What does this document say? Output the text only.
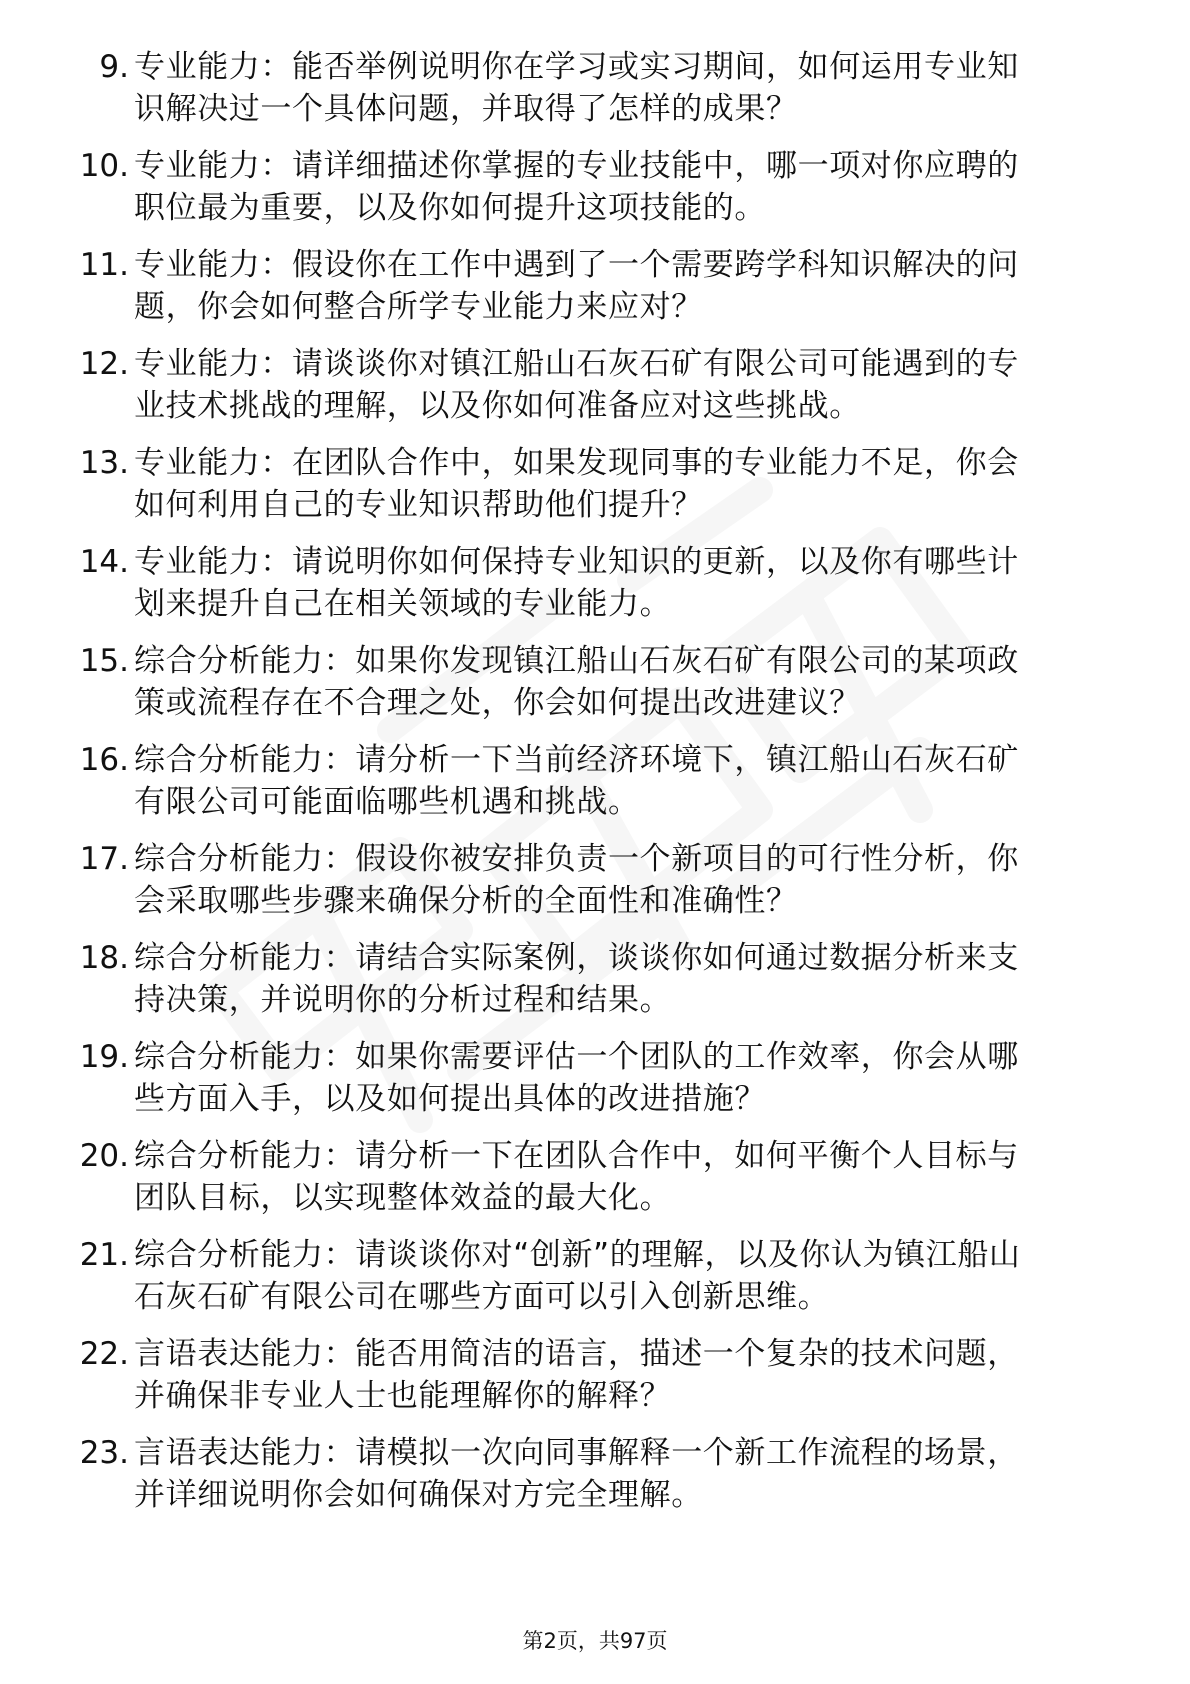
9. 专业能力：能否举例说明你在学习或实习期间，如何运用专业知
识解决过一个具体问题，并取得了怎样的成果？
10. 专业能力：请详细描述你掌握的专业技能中，哪一项对你应聘的
职位最为重要，以及你如何提升这项技能的。
11. 专业能力：假设你在工作中遇到了一个需要跨学科知识解决的问
题，你会如何整合所学专业能力来应对？
12. 专业能力：请谈谈你对镇江船山石灰石矿有限公司可能遇到的专
业技术挑战的理解，以及你如何准备应对这些挑战。
13. 专业能力：在团队合作中，如果发现同事的专业能力不足，你会
如何利用自己的专业知识帮助他们提升？
14. 专业能力：请说明你如何保持专业知识的更新，以及你有哪些计
划来提升自己在相关领域的专业能力。
15. 综合分析能力：如果你发现镇江船山石灰石矿有限公司的某项政
策或流程存在不合理之处，你会如何提出改进建议？
16. 综合分析能力：请分析一下当前经济环境下，镇江船山石灰石矿
有限公司可能面临哪些机遇和挑战。
17. 综合分析能力：假设你被安排负责一个新项目的可行性分析，你
会采取哪些步骤来确保分析的全面性和准确性？
18. 综合分析能力：请结合实际案例，谈谈你如何通过数据分析来支
持决策，并说明你的分析过程和结果。
19. 综合分析能力：如果你需要评估一个团队的工作效率，你会从哪
些方面入手，以及如何提出具体的改进措施？
20. 综合分析能力：请分析一下在团队合作中，如何平衡个人目标与
团队目标，以实现整体效益的最大化。
21. 综合分析能力：请谈谈你对“创新”的理解，以及你认为镇江船山
石灰石矿有限公司在哪些方面可以引入创新思维。
22. 言语表达能力：能否用简洁的语言，描述一个复杂的技术问题，
并确保非专业人士也能理解你的解释？
23. 言语表达能力：请模拟一次向同事解释一个新工作流程的场景，
并详细说明你会如何确保对方完全理解。
第2页，共97页
